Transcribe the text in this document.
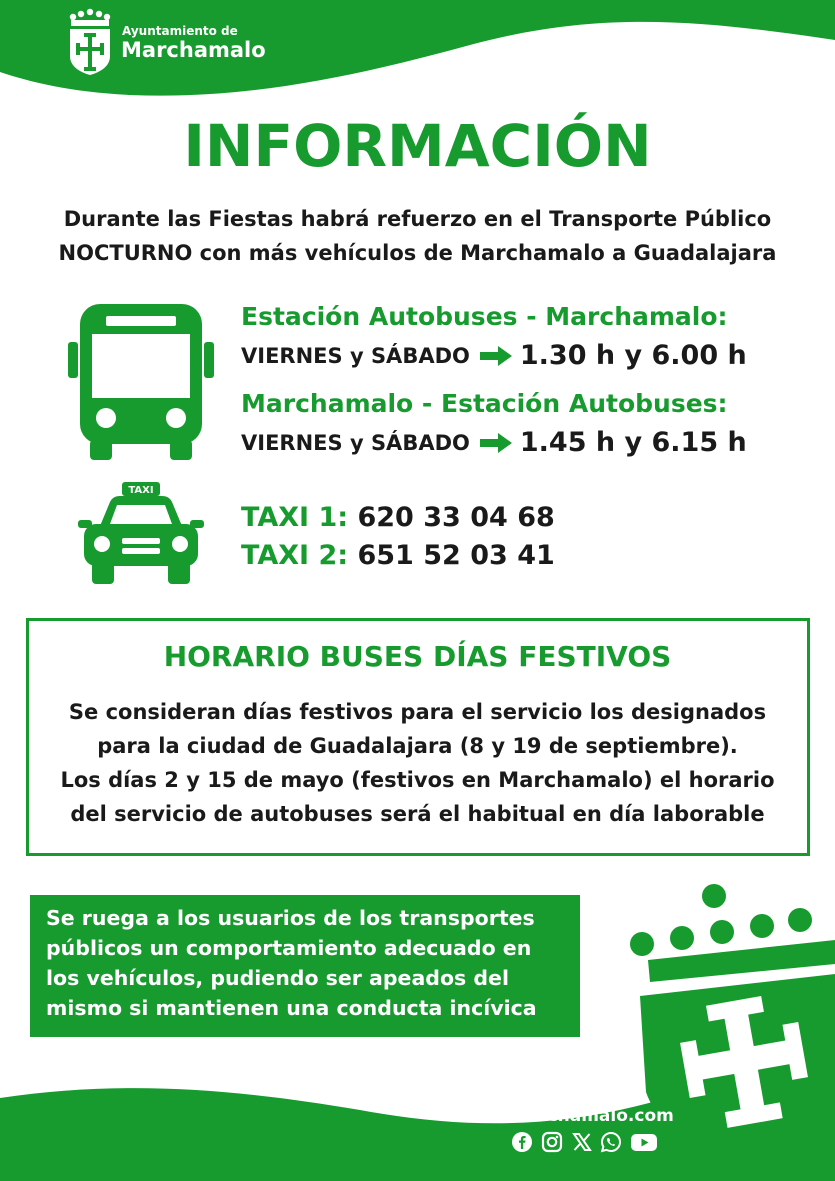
Ayuntamiento de
Marchamalo
INFORMACIÓN
Durante las Fiestas habrá refuerzo en el Transporte Público
NOCTURNO con más vehículos de Marchamalo a Guadalajara
Estación Autobuses - Marchamalo:
VIERNES y SÁBADO 1.30 h y 6.00 h
Marchamalo - Estación Autobuses:
VIERNES y SÁBADO 1.45 h y 6.15 h
TAXI
TAXI 1: 620 33 04 68
TAXI 2: 651 52 03 41
HORARIO BUSES DÍAS FESTIVOS
Se consideran días festivos para el servicio los designados
para la ciudad de Guadalajara (8 y 19 de septiembre).
Los días 2 y 15 de mayo (festivos en Marchamalo) el horario
del servicio de autobuses será el habitual en día laborable
Se ruega a los usuarios de los transportes
públicos un comportamiento adecuado en
los vehículos, pudiendo ser apeados del
mismo si mantienen una conducta incívica
marchamalo.com
